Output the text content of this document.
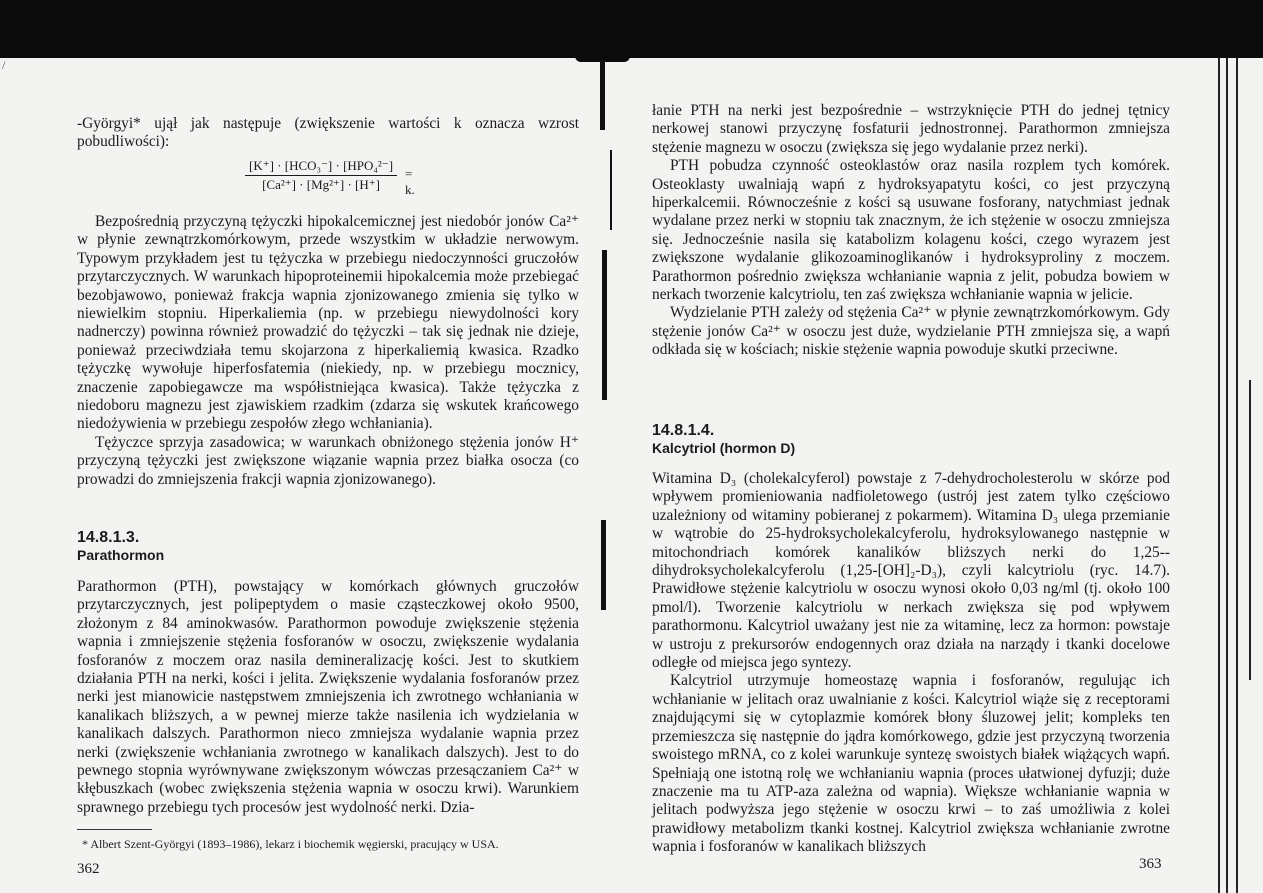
/

-Györgyi* ujął jak następuje (zwiększenie wartości k oznacza wzrost pobudliwości):

[K⁺] · [HCO₃⁻] · [HPO₄²⁻]
[Ca²⁺] · [Mg²⁺] · [H⁺]
= k.

Bezpośrednią przyczyną tężyczki hipokalcemicznej jest niedobór jonów Ca²⁺ w płynie zewnątrzkomórkowym, przede wszystkim w układzie nerwowym. Typowym przykładem jest tu tężyczka w przebiegu niedoczynności gruczołów przytarczycznych. W warunkach hipoproteinemii hipokalcemia może przebiegać bezobjawowo, ponieważ frakcja wapnia zjonizowanego zmienia się tylko w niewielkim stopniu. Hiperkaliemia (np. w przebiegu niewydolności kory nadnerczy) powinna również prowadzić do tężyczki – tak się jednak nie dzieje, ponieważ przeciwdziała temu skojarzona z hiperkaliemią kwasica. Rzadko tężyczkę wywołuje hiperfosfatemia (niekiedy, np. w przebiegu mocznicy, znaczenie zapobiegawcze ma współistniejąca kwasica). Także tężyczka z niedoboru magnezu jest zjawiskiem rzadkim (zdarza się wskutek krańcowego niedożywienia w przebiegu zespołów złego wchłaniania).

Tężyczce sprzyja zasadowica; w warunkach obniżonego stężenia jonów H⁺ przyczyną tężyczki jest zwiększone wiązanie wapnia przez białka osocza (co prowadzi do zmniejszenia frakcji wapnia zjonizowanego).

14.8.1.3.
Parathormon

Parathormon (PTH), powstający w komórkach głównych gruczołów przytarczycznych, jest polipeptydem o masie cząsteczkowej około 9500, złożonym z 84 aminokwasów. Parathormon powoduje zwiększenie stężenia wapnia i zmniejszenie stężenia fosforanów w osoczu, zwiększenie wydalania fosforanów z moczem oraz nasila demineralizację kości. Jest to skutkiem działania PTH na nerki, kości i jelita. Zwiększenie wydalania fosforanów przez nerki jest mianowicie następstwem zmniejszenia ich zwrotnego wchłaniania w kanalikach bliższych, a w pewnej mierze także nasilenia ich wydzielania w kanalikach dalszych. Parathormon nieco zmniejsza wydalanie wapnia przez nerki (zwiększenie wchłaniania zwrotnego w kanalikach dalszych). Jest to do pewnego stopnia wyrównywane zwiększonym wówczas przesączaniem Ca²⁺ w kłębuszkach (wobec zwiększenia stężenia wapnia w osoczu krwi). Warunkiem sprawnego przebiegu tych procesów jest wydolność nerki. Dzia-

* Albert Szent-Györgyi (1893–1986), lekarz i biochemik węgierski, pracujący w USA.
362

łanie PTH na nerki jest bezpośrednie – wstrzyknięcie PTH do jednej tętnicy nerkowej stanowi przyczynę fosfaturii jednostronnej. Parathormon zmniejsza stężenie magnezu w osoczu (zwiększa się jego wydalanie przez nerki).

PTH pobudza czynność osteoklastów oraz nasila rozplem tych komórek. Osteoklasty uwalniają wapń z hydroksyapatytu kości, co jest przyczyną hiperkalcemii. Równocześnie z kości są usuwane fosforany, natychmiast jednak wydalane przez nerki w stopniu tak znacznym, że ich stężenie w osoczu zmniejsza się. Jednocześnie nasila się katabolizm kolagenu kości, czego wyrazem jest zwiększone wydalanie glikozoaminoglikanów i hydroksyproliny z moczem. Parathormon pośrednio zwiększa wchłanianie wapnia z jelit, pobudza bowiem w nerkach tworzenie kalcytriolu, ten zaś zwiększa wchłanianie wapnia w jelicie.

Wydzielanie PTH zależy od stężenia Ca²⁺ w płynie zewnątrzkomórkowym. Gdy stężenie jonów Ca²⁺ w osoczu jest duże, wydzielanie PTH zmniejsza się, a wapń odkłada się w kościach; niskie stężenie wapnia powoduje skutki przeciwne.

14.8.1.4.
Kalcytriol (hormon D)

Witamina D₃ (cholekalcyferol) powstaje z 7-dehydrocholesterolu w skórze pod wpływem promieniowania nadfioletowego (ustrój jest zatem tylko częściowo uzależniony od witaminy pobieranej z pokarmem). Witamina D₃ ulega przemianie w wątrobie do 25-hydroksycholekalcyferolu, hydroksylowanego następnie w mitochondriach komórek kanalików bliższych nerki do 1,25--dihydroksycholekalcyferolu (1,25-[OH]₂-D₃), czyli kalcytriolu (ryc. 14.7). Prawidłowe stężenie kalcytriolu w osoczu wynosi około 0,03 ng/ml (tj. około 100 pmol/l). Tworzenie kalcytriolu w nerkach zwiększa się pod wpływem parathormonu. Kalcytriol uważany jest nie za witaminę, lecz za hormon: powstaje w ustroju z prekursorów endogennych oraz działa na narządy i tkanki docelowe odległe od miejsca jego syntezy.

Kalcytriol utrzymuje homeostazę wapnia i fosforanów, regulując ich wchłanianie w jelitach oraz uwalnianie z kości. Kalcytriol wiąże się z receptorami znajdującymi się w cytoplazmie komórek błony śluzowej jelit; kompleks ten przemieszcza się następnie do jądra komórkowego, gdzie jest przyczyną tworzenia swoistego mRNA, co z kolei warunkuje syntezę swoistych białek wiążących wapń. Spełniają one istotną rolę we wchłanianiu wapnia (proces ułatwionej dyfuzji; duże znaczenie ma tu ATP-aza zależna od wapnia). Większe wchłanianie wapnia w jelitach podwyższa jego stężenie w osoczu krwi – to zaś umożliwia z kolei prawidłowy metabolizm tkanki kostnej. Kalcytriol zwiększa wchłanianie zwrotne wapnia i fosforanów w kanalikach bliższych

363
